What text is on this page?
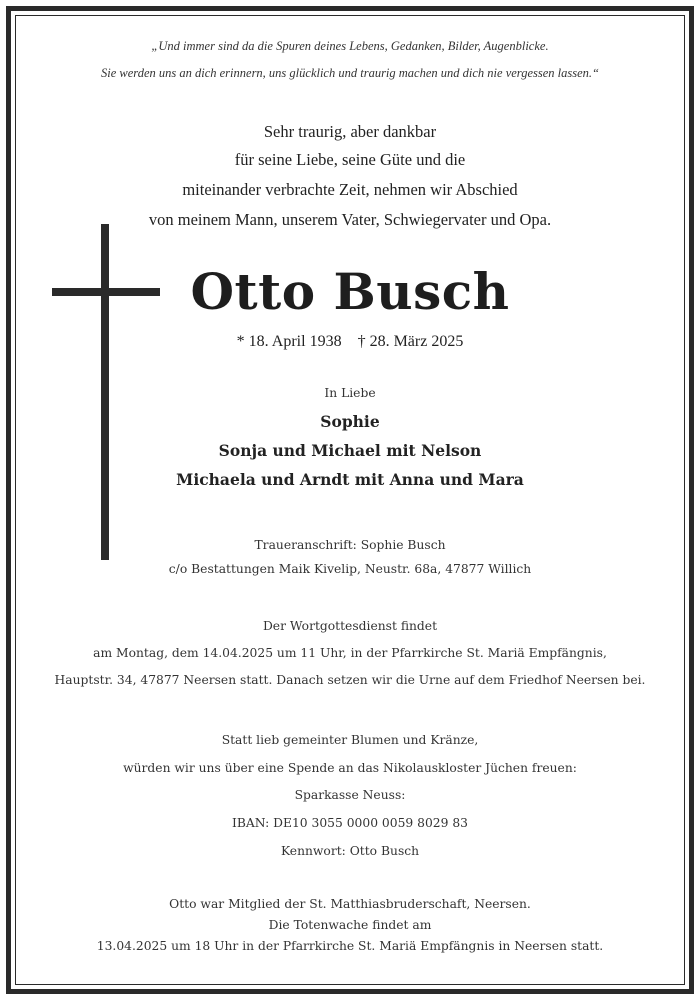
„Und immer sind da die Spuren deines Lebens, Gedanken, Bilder, Augenblicke.
Sie werden uns an dich erinnern, uns glücklich und traurig machen und dich nie vergessen lassen.“
Sehr traurig, aber dankbar
für seine Liebe, seine Güte und die
miteinander verbrachte Zeit, nehmen wir Abschied
von meinem Mann, unserem Vater, Schwiegervater und Opa.
Otto Busch
* 18. April 1938    † 28. März 2025
In Liebe
Sophie
Sonja und Michael mit Nelson
Michaela und Arndt mit Anna und Mara
Traueranschrift: Sophie Busch
c/o Bestattungen Maik Kivelip, Neustr. 68a, 47877 Willich
Der Wortgottesdienst findet
am Montag, dem 14.04.2025 um 11 Uhr, in der Pfarrkirche St. Mariä Empfängnis,
Hauptstr. 34, 47877 Neersen statt. Danach setzen wir die Urne auf dem Friedhof Neersen bei.
Statt lieb gemeinter Blumen und Kränze,
würden wir uns über eine Spende an das Nikolauskloster Jüchen freuen:
Sparkasse Neuss:
IBAN: DE10 3055 0000 0059 8029 83
Kennwort: Otto Busch
Otto war Mitglied der St. Matthiasbruderschaft, Neersen.
Die Totenwache findet am
13.04.2025 um 18 Uhr in der Pfarrkirche St. Mariä Empfängnis in Neersen statt.
